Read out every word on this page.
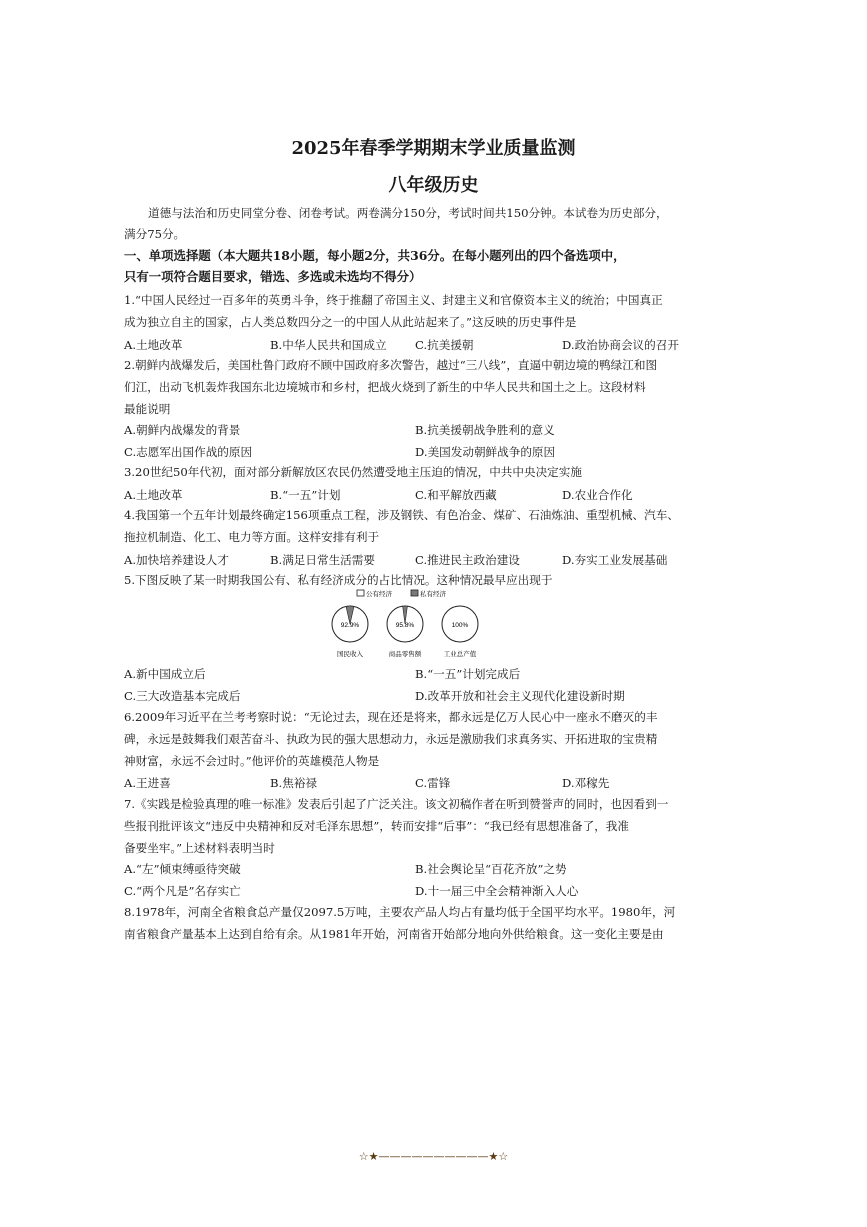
2025年春季学期期末学业质量监测
八年级历史
道德与法治和历史同堂分卷、闭卷考试。两卷满分150分，考试时间共150分钟。本试卷为历史部分，
满分75分。
一、单项选择题（本大题共18小题，每小题2分，共36分。在每小题列出的四个备选项中，
只有一项符合题目要求，错选、多选或未选均不得分）
1.“中国人民经过一百多年的英勇斗争，终于推翻了帝国主义、封建主义和官僚资本主义的统治；中国真正
成为独立自主的国家，占人类总数四分之一的中国人从此站起来了。”这反映的历史事件是
A.土地改革	B.中华人民共和国成立 C.抗美援朝	D.政治协商会议的召开
2.朝鲜内战爆发后，美国杜鲁门政府不顾中国政府多次警告，越过“三八线”，直逼中朝边境的鸭绿江和图
们江，出动飞机轰炸我国东北边境城市和乡村，把战火烧到了新生的中华人民共和国土之上。这段材料
最能说明
A.朝鲜内战爆发的背景	B.抗美援朝战争胜利的意义
C.志愿军出国作战的原因	D.美国发动朝鲜战争的原因
3.20世纪50年代初，面对部分新解放区农民仍然遭受地主压迫的情况，中共中央决定实施
A.土地改革	B.“一五”计划	C.和平解放西藏	D.农业合作化
4.我国第一个五年计划最终确定156项重点工程，涉及钢铁、有色冶金、煤矿、石油炼油、重型机械、汽车、
拖拉机制造、化工、电力等方面。这样安排有利于
A.加快培养建设人才	B.满足日常生活需要	C.推进民主政治建设	D.夯实工业发展基础
5.下图反映了某一时期我国公有、私有经济成分的占比情况。这种情况最早应出现于
公有经济	私有经济
92.9%
国民收入
95.8%
商品零售额
100%
工业总产值
A.新中国成立后	B.“一五”计划完成后
C.三大改造基本完成后	D.改革开放和社会主义现代化建设新时期
6.2009年习近平在兰考考察时说：“无论过去，现在还是将来，都永远是亿万人民心中一座永不磨灭的丰
碑，永远是鼓舞我们艰苦奋斗、执政为民的强大思想动力，永远是激励我们求真务实、开拓进取的宝贵精
神财富，永远不会过时。”他评价的英雄模范人物是
A.王进喜	B.焦裕禄	C.雷锋	D.邓稼先
7.《实践是检验真理的唯一标准》发表后引起了广泛关注。该文初稿作者在听到赞誉声的同时，也因看到一
些报刊批评该文“违反中央精神和反对毛泽东思想”，转而安排“后事”：“我已经有思想准备了，我准
备要坐牢。”上述材料表明当时
A.“左”倾束缚亟待突破	B.社会舆论呈“百花齐放”之势
C.“两个凡是”名存实亡	D.十一届三中全会精神渐入人心
8.1978年，河南全省粮食总产量仅2097.5万吨，主要农产品人均占有量均低于全国平均水平。1980年，河
南省粮食产量基本上达到自给有余。从1981年开始，河南省开始部分地向外供给粮食。这一变化主要是由
☆★——————————★☆
